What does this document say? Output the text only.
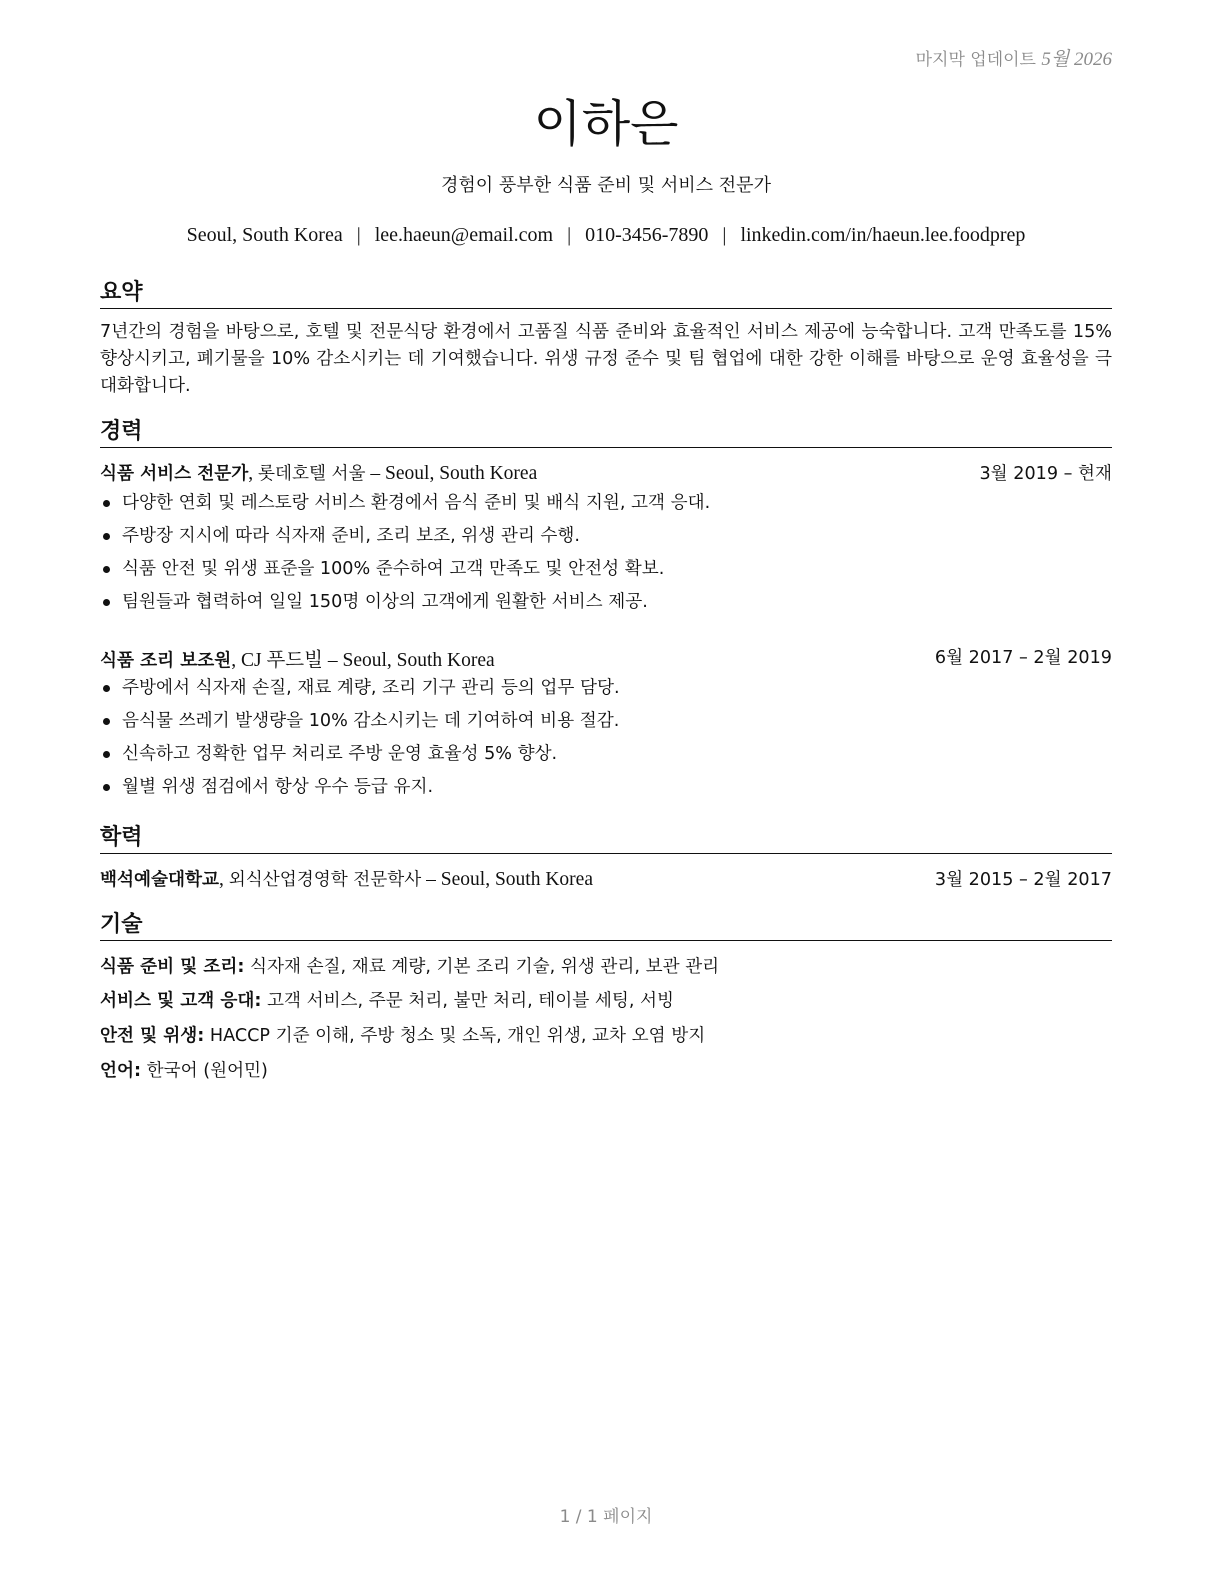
마지막 업데이트 5월 2026
이하은
경험이 풍부한 식품 준비 및 서비스 전문가
Seoul, South Korea | lee.haeun@email.com | 010-3456-7890 | linkedin.com/in/haeun.lee.foodprep
요약
7년간의 경험을 바탕으로, 호텔 및 전문식당 환경에서 고품질 식품 준비와 효율적인 서비스 제공에 능숙합니다. 고객 만족도를 15% 향상시키고, 폐기물을 10% 감소시키는 데 기여했습니다. 위생 규정 준수 및 팀 협업에 대한 강한 이해를 바탕으로 운영 효율성을 극대화합니다.
경력
식품 서비스 전문가, 롯데호텔 서울 – Seoul, South Korea	3월 2019 – 현재
다양한 연회 및 레스토랑 서비스 환경에서 음식 준비 및 배식 지원, 고객 응대.
주방장 지시에 따라 식자재 준비, 조리 보조, 위생 관리 수행.
식품 안전 및 위생 표준을 100% 준수하여 고객 만족도 및 안전성 확보.
팀원들과 협력하여 일일 150명 이상의 고객에게 원활한 서비스 제공.
식품 조리 보조원, CJ 푸드빌 – Seoul, South Korea	6월 2017 – 2월 2019
주방에서 식자재 손질, 재료 계량, 조리 기구 관리 등의 업무 담당.
음식물 쓰레기 발생량을 10% 감소시키는 데 기여하여 비용 절감.
신속하고 정확한 업무 처리로 주방 운영 효율성 5% 향상.
월별 위생 점검에서 항상 우수 등급 유지.
학력
백석예술대학교, 외식산업경영학 전문학사 – Seoul, South Korea	3월 2015 – 2월 2017
기술
식품 준비 및 조리: 식자재 손질, 재료 계량, 기본 조리 기술, 위생 관리, 보관 관리
서비스 및 고객 응대: 고객 서비스, 주문 처리, 불만 처리, 테이블 세팅, 서빙
안전 및 위생: HACCP 기준 이해, 주방 청소 및 소독, 개인 위생, 교차 오염 방지
언어: 한국어 (원어민)
1 / 1 페이지
